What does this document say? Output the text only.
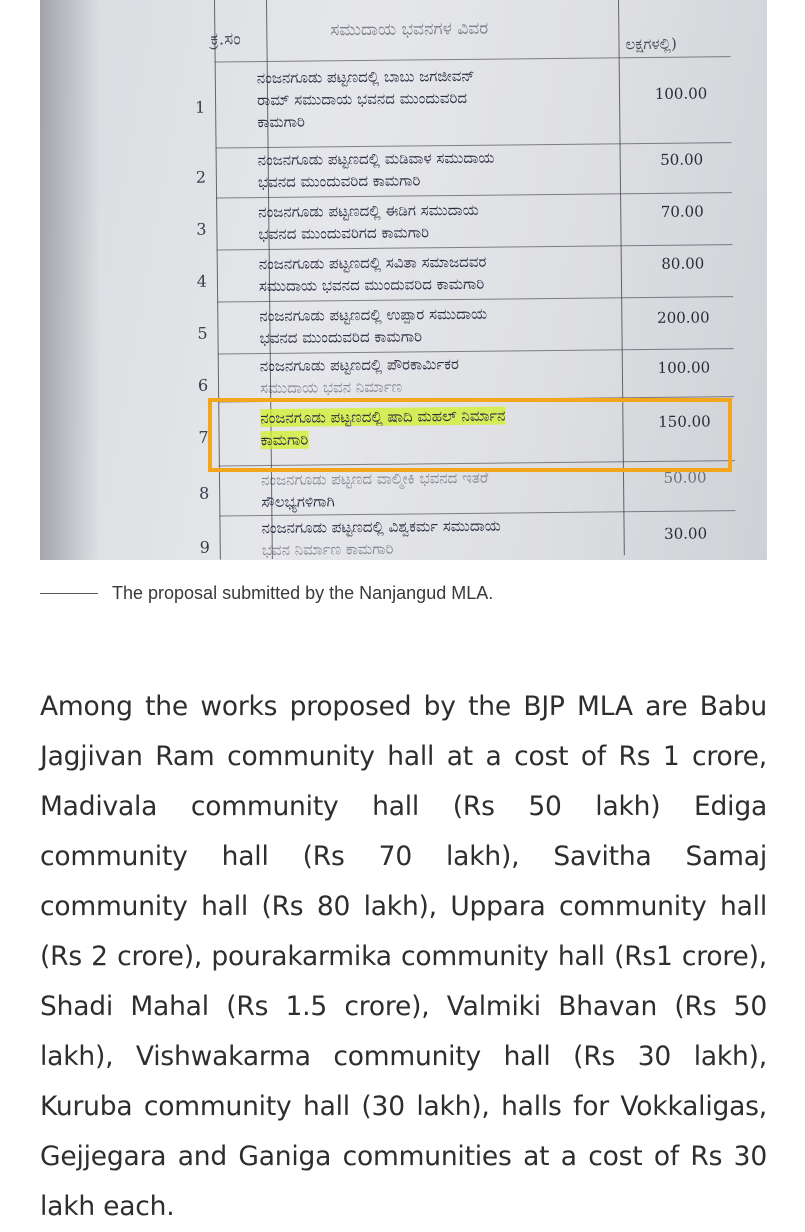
ಕ್ರ.ಸಂ	ಸಮುದಾಯ ಭವನಗಳ ವಿವರ
ಲಕ್ಷಗಳಲ್ಲಿ)
1
ನಂಜನಗೂಡು ಪಟ್ಟಣದಲ್ಲಿ ಬಾಬು ಜಗಜೀವನ್
ರಾಮ್ ಸಮುದಾಯ ಭವನದ ಮುಂದುವರಿದ
ಕಾಮಗಾರಿ
100.00
2
ನಂಜನಗೂಡು ಪಟ್ಟಣದಲ್ಲಿ ಮಡಿವಾಳ ಸಮುದಾಯ
ಭವನದ ಮುಂದುವರಿದ ಕಾಮಗಾರಿ
50.00
3
ನಂಜನಗೂಡು ಪಟ್ಟಣದಲ್ಲಿ ಈಡಿಗ ಸಮುದಾಯ
ಭವನದ ಮುಂದುವರಿಗದ ಕಾಮಗಾರಿ
70.00
4
ನಂಜನಗೂಡು ಪಟ್ಟಣದಲ್ಲಿ ಸವಿತಾ ಸಮಾಜದವರ
ಸಮುದಾಯ ಭವನದ ಮುಂದುವರಿದ ಕಾಮಗಾರಿ
80.00
5
ನಂಜನಗೂಡು ಪಟ್ಟಣದಲ್ಲಿ ಉಪ್ಪಾರ ಸಮುದಾಯ
ಭವನದ ಮುಂದುವರಿದ ಕಾಮಗಾರಿ
200.00
6
ನಂಜನಗೂಡು ಪಟ್ಟಣದಲ್ಲಿ ಪೌರಕಾರ್ಮಿಕರ
ಸಮುದಾಯ ಭವನ ನಿರ್ಮಾಣ
100.00
7
ನಂಜನಗೂಡು ಪಟ್ಟಣದಲ್ಲಿ ಷಾದಿ ಮಹಲ್ ನಿರ್ಮಾನ
ಕಾಮಗಾರಿ
150.00
8
ನಂಜನಗೂಡು ಪಟ್ಟಣದ ವಾಲ್ಮೀಕಿ ಭವನದ ಇತರೆ
ಸೌಲಭ್ಯಗಳಿಗಾಗಿ
50.00
9
ನಂಜನಗೂಡು ಪಟ್ಟಣದಲ್ಲಿ ವಿಶ್ವಕರ್ಮ ಸಮುದಾಯ
ಭವನ ನಿರ್ಮಾಣ ಕಾಮಗಾರಿ
30.00
The proposal submitted by the Nanjangud MLA.

Among the works proposed by the BJP MLA are Babu Jagjivan Ram community hall at a cost of Rs 1 crore, Madivala community hall (Rs 50 lakh) Ediga community hall (Rs 70 lakh), Savitha Samaj community hall (Rs 80 lakh), Uppara community hall (Rs 2 crore), pourakarmika community hall (Rs1 crore), Shadi Mahal (Rs 1.5 crore), Valmiki Bhavan (Rs 50 lakh), Vishwakarma community hall (Rs 30 lakh), Kuruba community hall (30 lakh), halls for Vokkaligas, Gejjegara and Ganiga communities at a cost of Rs 30 lakh each.
